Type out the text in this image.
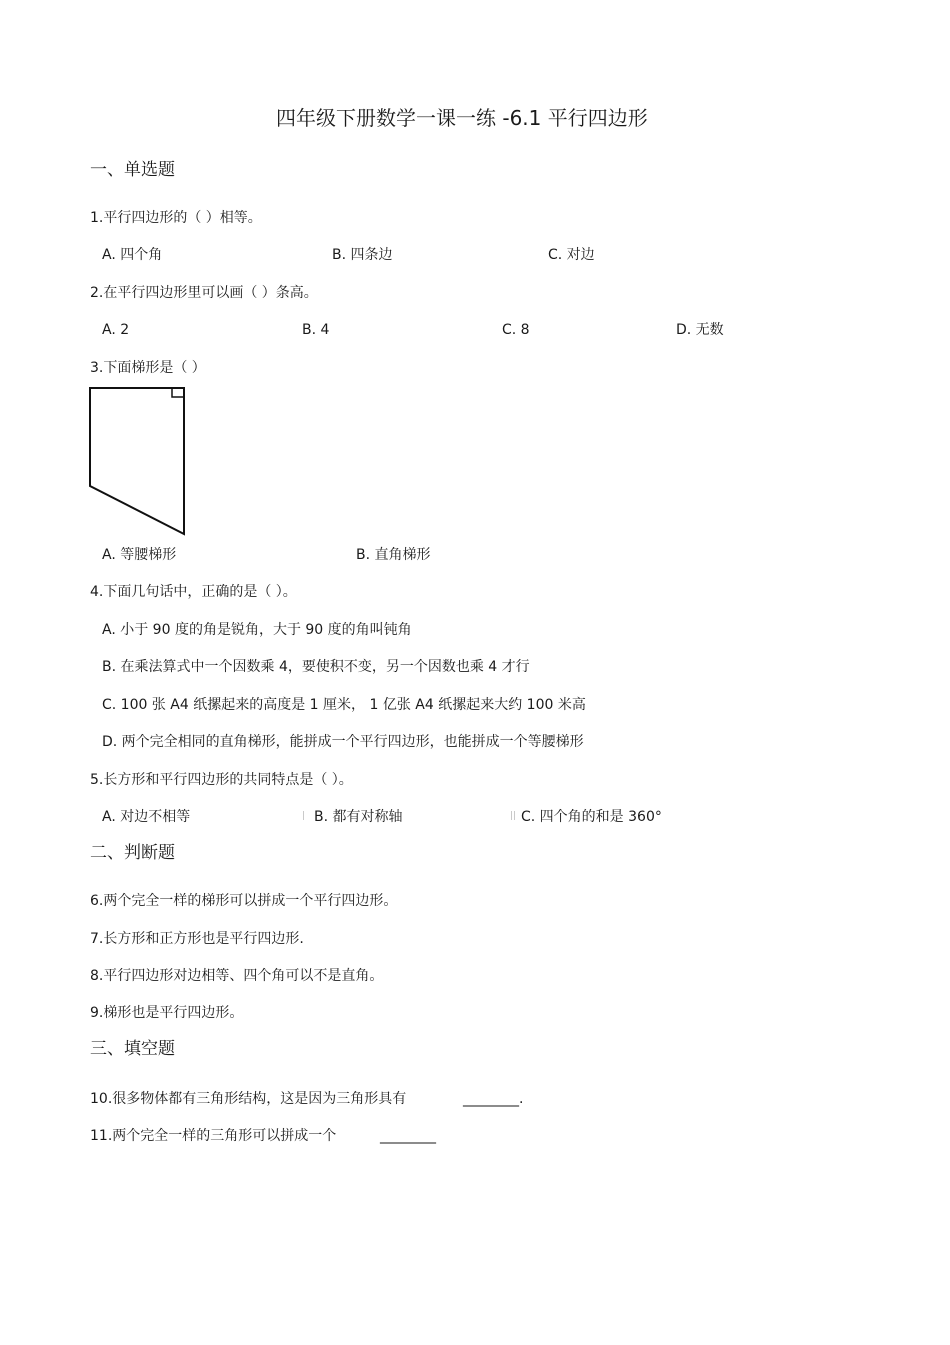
四年级下册数学一课一练 -6.1 平行四边形
一、单选题
1.平行四边形的（ ）相等。
A. 四个角	B. 四条边	C. 对边
2.在平行四边形里可以画（ ）条高。
A. 2	B. 4	C. 8	D. 无数
3.下面梯形是（ ）
A. 等腰梯形	B. 直角梯形
4.下面几句话中，正确的是（ ）。
A. 小于 90 度的角是锐角，大于 90 度的角叫钝角
B. 在乘法算式中一个因数乘 4，要使积不变，另一个因数也乘 4 才行
C. 100 张 A4 纸摞起来的高度是 1 厘米， 1 亿张 A4 纸摞起来大约 100 米高
D. 两个完全相同的直角梯形，能拼成一个平行四边形，也能拼成一个等腰梯形
5.长方形和平行四边形的共同特点是（ ）。
A. 对边不相等	| B. 都有对称轴	|| C. 四个角的和是 360°
二、判断题
6.两个完全一样的梯形可以拼成一个平行四边形。
7.长方形和正方形也是平行四边形.
8.平行四边形对边相等、四个角可以不是直角。
9.梯形也是平行四边形。
三、填空题
10.很多物体都有三角形结构，这是因为三角形具有	________.
11.两个完全一样的三角形可以拼成一个	________
